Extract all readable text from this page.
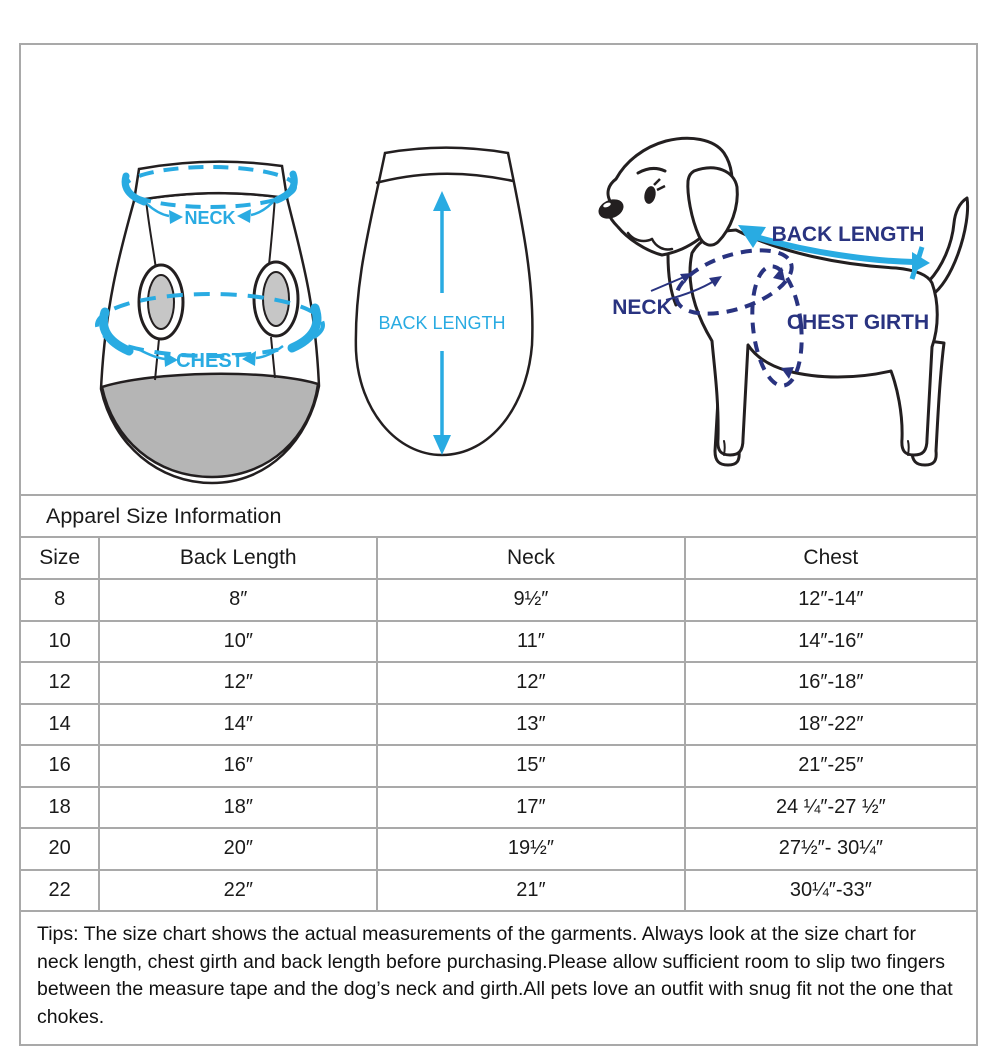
NECK
CHEST
BACK LENGTH
BACK LENGTH
NECK
CHEST GIRTH
Apparel Size Information
Size	Back Length	Neck	Chest
8	8″	9½″	12″-14″
10	10″	11″	14″-16″
12	12″	12″	16″-18″
14	14″	13″	18″-22″
16	16″	15″	21″-25″
18	18″	17″	24 ¼″-27 ½″
20	20″	19½″	27½″- 30¼″
22	22″	21″	30¼″-33″
Tips: The size chart shows the actual measurements of the garments. Always look at the size chart for neck length, chest girth and back length before purchasing.Please allow sufficient room to slip two fingers between the measure tape and the dog’s neck and girth.All pets love an outfit with snug fit not the one that chokes.
